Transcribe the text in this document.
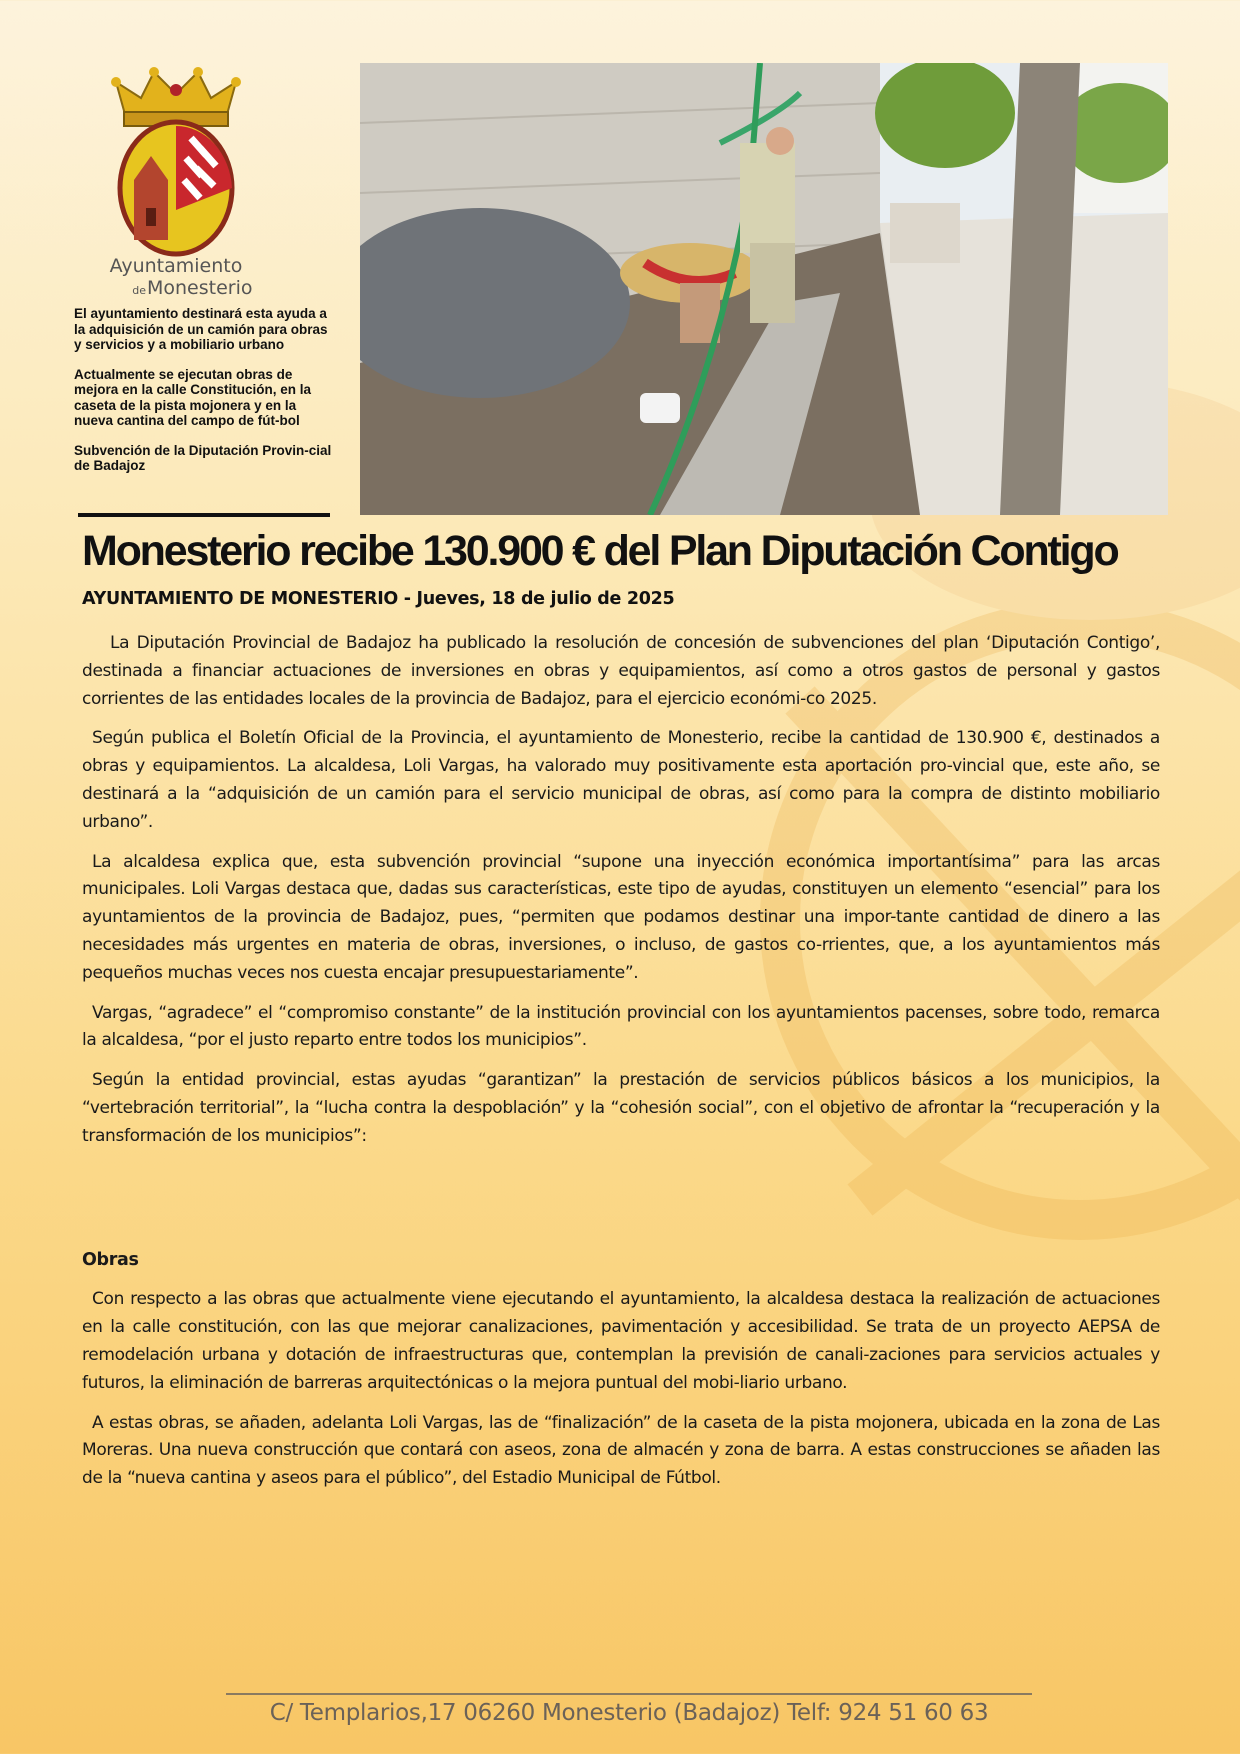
Ayuntamiento
de Monesterio

El ayuntamiento destinará esta ayuda a la adquisición de un camión para obras y servicios y a mobiliario urbano

Actualmente se ejecutan obras de mejora en la calle Constitución, en la caseta de la pista mojonera y en la nueva cantina del campo de fút-bol

Subvención de la Diputación Provin-cial de Badajoz

Monesterio recibe 130.900 € del Plan Diputación Contigo
AYUNTAMIENTO DE MONESTERIO - Jueves, 18 de julio de 2025

La Diputación Provincial de Badajoz ha publicado la resolución de concesión de subvenciones del plan ‘Diputación Contigo’, destinada a financiar actuaciones de inversiones en obras y equipamientos, así como a otros gastos de personal y gastos corrientes de las entidades locales de la provincia de Badajoz, para el ejercicio económi-co 2025.

Según publica el Boletín Oficial de la Provincia, el ayuntamiento de Monesterio, recibe la cantidad de 130.900 €, destinados a obras y equipamientos. La alcaldesa, Loli Vargas, ha valorado muy positivamente esta aportación pro-vincial que, este año, se destinará a la “adquisición de un camión para el servicio municipal de obras, así como para la compra de distinto mobiliario urbano”.

La alcaldesa explica que, esta subvención provincial “supone una inyección económica importantísima” para las arcas municipales. Loli Vargas destaca que, dadas sus características, este tipo de ayudas, constituyen un elemento “esencial” para los ayuntamientos de la provincia de Badajoz, pues, “permiten que podamos destinar una impor-tante cantidad de dinero a las necesidades más urgentes en materia de obras, inversiones, o incluso, de gastos co-rrientes, que, a los ayuntamientos más pequeños muchas veces nos cuesta encajar presupuestariamente”.

Vargas, “agradece” el “compromiso constante” de la institución provincial con los ayuntamientos pacenses, sobre todo, remarca la alcaldesa, “por el justo reparto entre todos los municipios”.

Según la entidad provincial, estas ayudas “garantizan” la prestación de servicios públicos básicos a los municipios, la “vertebración territorial”, la “lucha contra la despoblación” y la “cohesión social”, con el objetivo de afrontar la “recuperación y la transformación de los municipios”:

Obras

Con respecto a las obras que actualmente viene ejecutando el ayuntamiento, la alcaldesa destaca la realización de actuaciones en la calle constitución, con las que mejorar canalizaciones, pavimentación y accesibilidad. Se trata de un proyecto AEPSA de remodelación urbana y dotación de infraestructuras que, contemplan la previsión de canali-zaciones para servicios actuales y futuros, la eliminación de barreras arquitectónicas o la mejora puntual del mobi-liario urbano.

A estas obras, se añaden, adelanta Loli Vargas, las de “finalización” de la caseta de la pista mojonera, ubicada en la zona de Las Moreras. Una nueva construcción que contará con aseos, zona de almacén y zona de barra. A estas construcciones se añaden las de la “nueva cantina y aseos para el público”, del Estadio Municipal de Fútbol.

C/ Templarios,17 06260 Monesterio (Badajoz) Telf: 924 51 60 63
